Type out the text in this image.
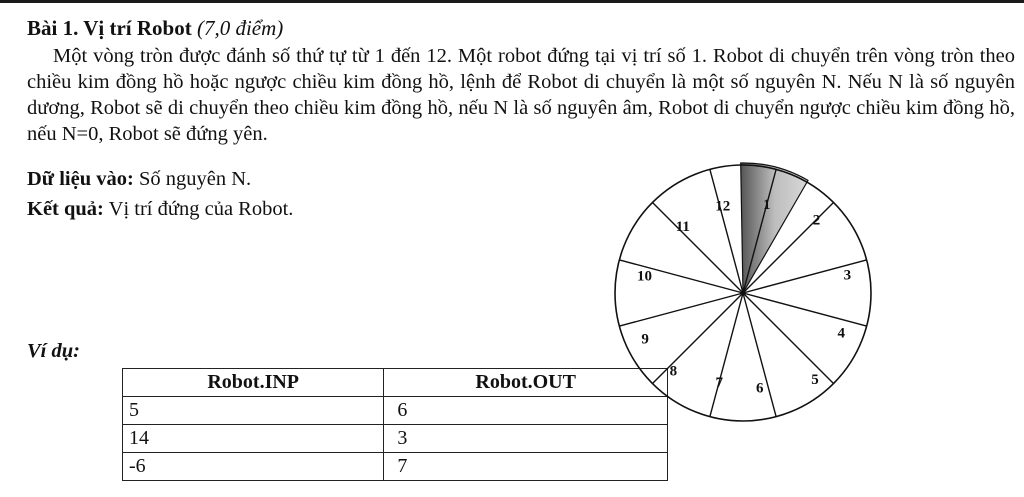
Bài 1. Vị trí Robot (7,0 điểm)
Một vòng tròn được đánh số thứ tự từ 1 đến 12. Một robot đứng tại vị trí số 1. Robot di chuyển trên vòng tròn theo chiều kim đồng hồ hoặc ngược chiều kim đồng hồ, lệnh để Robot di chuyển là một số nguyên N. Nếu N là số nguyên dương, Robot sẽ di chuyển theo chiều kim đồng hồ, nếu N là số nguyên âm, Robot di chuyển ngược chiều kim đồng hồ, nếu N=0, Robot sẽ đứng yên.
Dữ liệu vào: Số nguyên N.
Kết quả: Vị trí đứng của Robot.
Ví dụ:
Robot.INP	Robot.OUT
5	6
14	3
-6	7
1
2
3
4
5
6
7
8
9
10
11
12
